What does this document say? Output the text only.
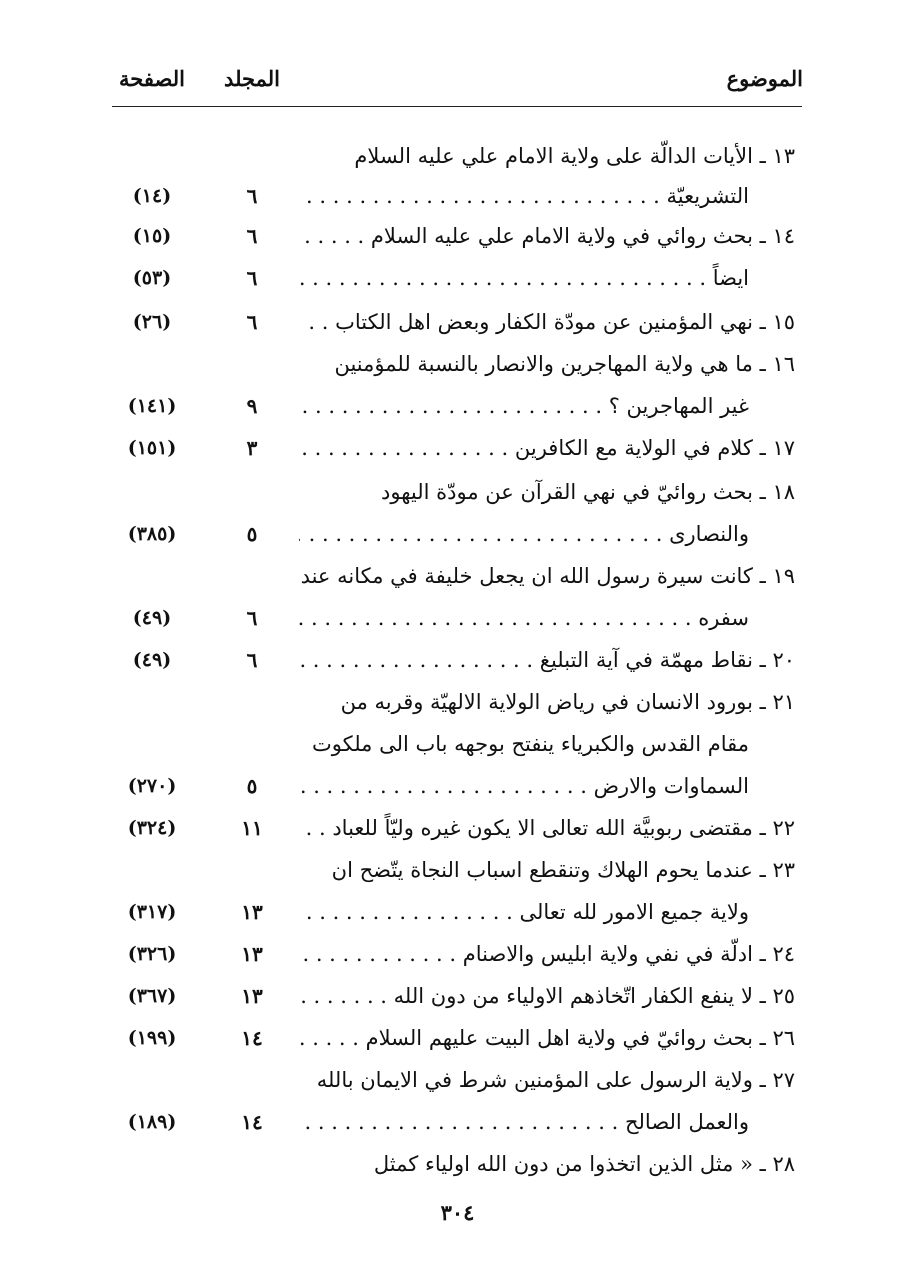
الموضوع
المجلد
الصفحة
١٣ ـ الأيات الدالّة على ولاية الامام علي عليه السلام
التشريعيّة . . .
٦
(١٤)
١٤ ـ بحث روائي في ولاية الامام علي عليه السلام . . .
٦
(١٥)
ايضاً . . .
٦
(٥٣)
١٥ ـ نهي المؤمنين عن مودّة الكفار وبعض اهل الكتاب . . .
٦
(٢٦)
١٦ ـ ما هي ولاية المهاجرين والانصار بالنسبة للمؤمنين
غير المهاجرين ؟ . . .
٩
(١٤١)
١٧ ـ كلام في الولاية مع الكافرين . . .
٣
(١٥١)
١٨ ـ بحث روائيّ في نهي القرآن عن مودّة اليهود
والنصارى . . .
٥
(٣٨٥)
١٩ ـ كانت سيرة رسول الله ان يجعل خليفة في مكانه عند
سفره . . .
٦
(٤٩)
٢٠ ـ نقاط مهمّة في آية التبليغ . . .
٦
(٤٩)
٢١ ـ بورود الانسان في رياض الولاية الالهيّة وقربه من
مقام القدس والكبرياء ينفتح بوجهه باب الى ملكوت
السماوات والارض . . .
٥
(٢٧٠)
٢٢ ـ مقتضى ربوبيَّة الله تعالى الا يكون غيره وليّاً للعباد . . .
١١
(٣٢٤)
٢٣ ـ عندما يحوم الهلاك وتنقطع اسباب النجاة يتّضح ان
ولاية جميع الامور لله تعالى . . .
١٣
(٣١٧)
٢٤ ـ ادلّة في نفي ولاية ابليس والاصنام . . .
١٣
(٣٢٦)
٢٥ ـ لا ينفع الكفار اتّخاذهم الاولياء من دون الله . . .
١٣
(٣٦٧)
٢٦ ـ بحث روائيّ في ولاية اهل البيت عليهم السلام . . .
١٤
(١٩٩)
٢٧ ـ ولاية الرسول على المؤمنين شرط في الايمان بالله
والعمل الصالح . . .
١٤
(١٨٩)
٢٨ ـ « مثل الذين اتخذوا من دون الله اولياء كمثل
٣٠٤
